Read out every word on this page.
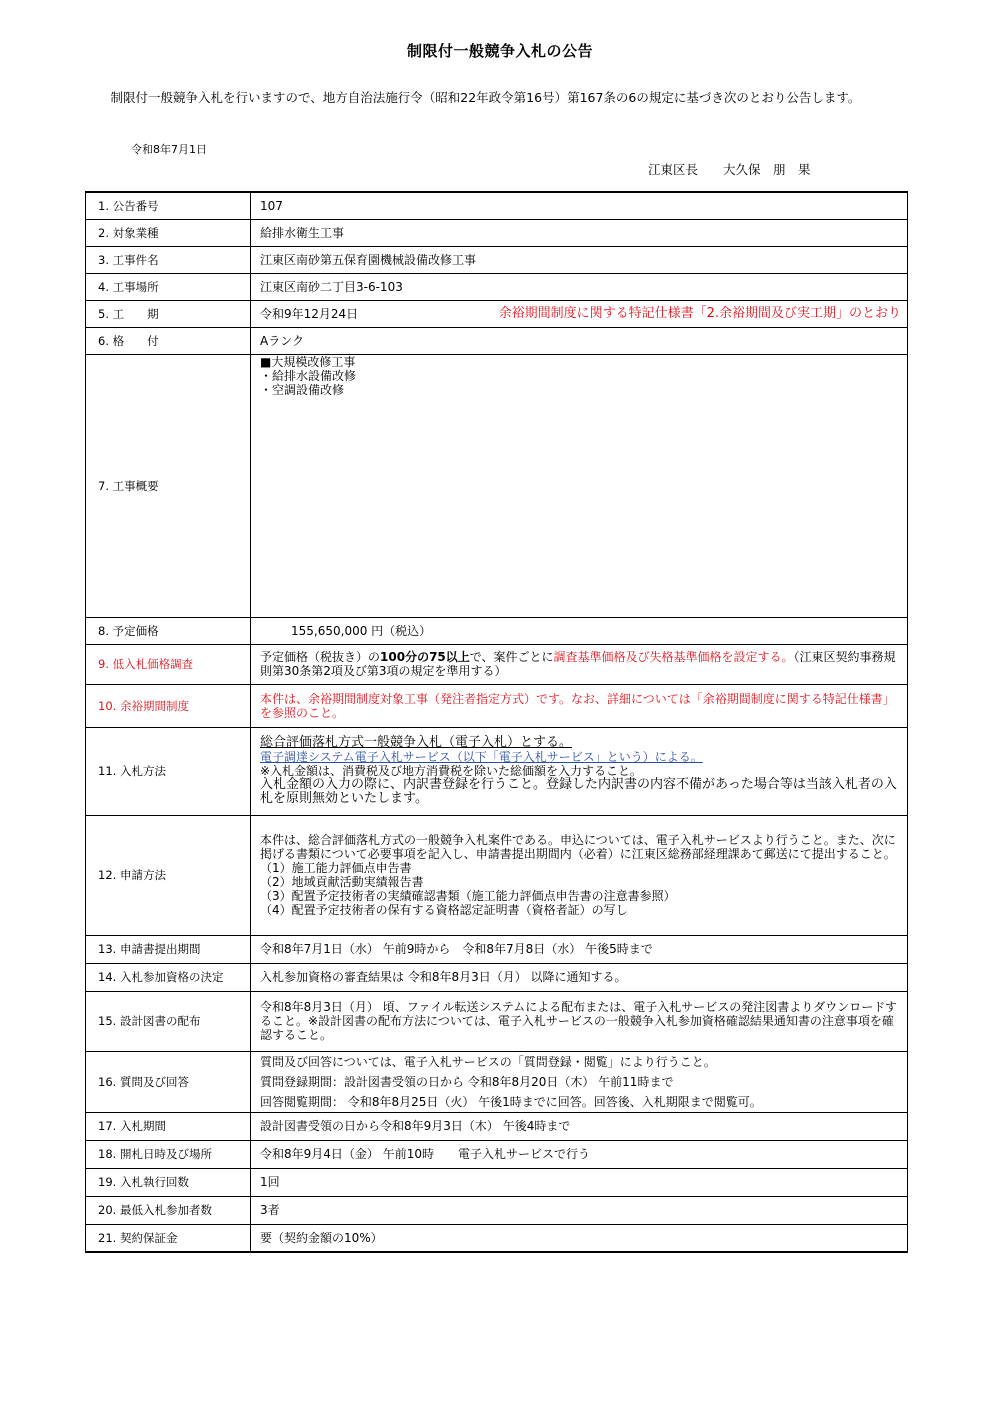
制限付一般競争入札の公告
 制限付一般競争入札を行いますので、地方自治法施行令（昭和22年政令第16号）第167条の6の規定に基づき次のとおり公告します。
令和8年7月1日
江東区長　　大久保　朋　果
1. 公告番号	107
2. 対象業種	給排水衛生工事
3. 工事件名	江東区南砂第五保育園機械設備改修工事
4. 工事場所	江東区南砂二丁目3-6-103
5. 工　　期	令和9年12月24日 余裕期間制度に関する特記仕様書「2.余裕期間及び実工期」のとおり

6. 格　　付	Aランク
7. 工事概要	■大規模改修工事
・給排水設備改修
・空調設備改修

8. 予定価格	155,650,000 円（税込）
9. 低入札価格調査	予定価格（税抜き）の100分の75以上で、案件ごとに調査基準価格及び失格基準価格を設定する。（江東区契約事務規則第30条第2項及び第3項の規定を準用する）
10. 余裕期間制度	本件は、余裕期間制度対象工事（発注者指定方式）です。なお、詳細については「余裕期間制度に関する特記仕様書」を参照のこと。
11. 入札方法	総合評価落札方式一般競争入札（電子入札）とする。
電子調達システム電子入札サービス（以下「電子入札サービス」という）による。
※入札金額は、消費税及び地方消費税を除いた総価額を入力すること。
入札金額の入力の際に、内訳書登録を行うこと。登録した内訳書の内容不備があった場合等は当該入札者の入札を原則無効といたします。

12. 申請方法	本件は、総合評価落札方式の一般競争入札案件である。申込については、電子入札サービスより行うこと。また、次に掲げる書類について必要事項を記入し、申請書提出期間内（必着）に江東区総務部経理課あて郵送にて提出すること。
（1）施工能力評価点申告書
（2）地域貢献活動実績報告書
（3）配置予定技術者の実績確認書類（施工能力評価点申告書の注意書参照）
（4）配置予定技術者の保有する資格認定証明書（資格者証）の写し

13. 申請書提出期間	令和8年7月1日（水） 午前9時から　令和8年7月8日（水） 午後5時まで
14. 入札参加資格の決定	入札参加資格の審査結果は 令和8年8月3日（月） 以降に通知する。
15. 設計図書の配布	令和8年8月3日（月） 頃、ファイル転送システムによる配布または、電子入札サービスの発注図書よりダウンロードすること。※設計図書の配布方法については、電子入札サービスの一般競争入札参加資格確認結果通知書の注意事項を確認すること。
16. 質問及び回答	質問及び回答については、電子入札サービスの「質問登録・閲覧」により行うこと。
質問登録期間：設計図書受領の日から 令和8年8月20日（木） 午前11時まで
回答閲覧期間： 令和8年8月25日（火） 午後1時までに回答。回答後、入札期限まで閲覧可。

17. 入札期間	設計図書受領の日から令和8年9月3日（木） 午後4時まで
18. 開札日時及び場所	令和8年9月4日（金） 午前10時　　電子入札サービスで行う
19. 入札執行回数	1回
20. 最低入札参加者数	3者
21. 契約保証金	要（契約金額の10%）
